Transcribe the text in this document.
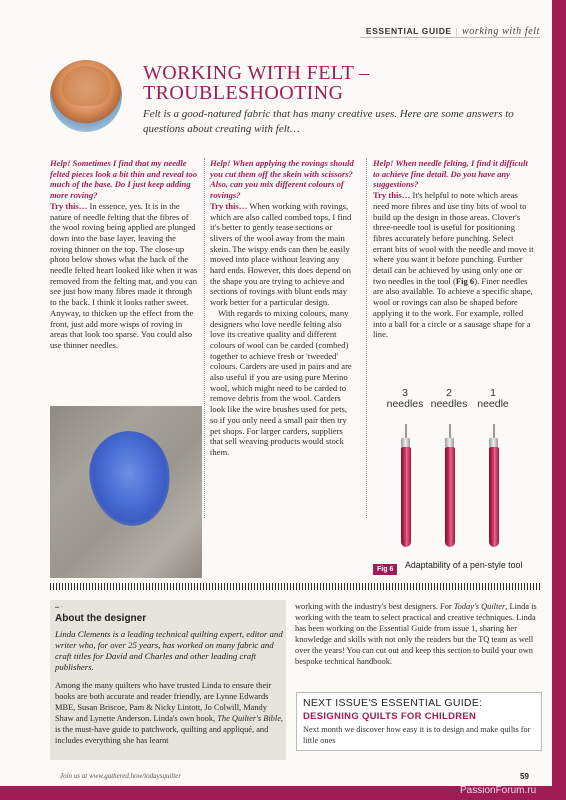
ESSENTIAL GUIDE | working with felt
WORKING WITH FELT –
TROUBLESHOOTING
Felt is a good-natured fabric that has many creative uses. Here are some answers to questions about creating with felt…

Help! Sometimes I find that my needle felted pieces look a bit thin and reveal too much of the base. Do I just keep adding more roving?

Try this… In essence, yes. It is in the nature of needle felting that the fibres of the wool roving being applied are plunged down into the base layer, leaving the roving thinner on the top. The close-up photo below shows what the back of the needle felted heart looked like when it was removed from the felting mat, and you can see just how many fibres made it through to the back. I think it looks rather sweet. Anyway, to thicken up the effect from the front, just add more wisps of roving in areas that look too sparse. You could also use thinner needles.

Help! When applying the rovings should you cut them off the skein with scissors? Also, can you mix different colours of rovings?

Try this… When working with rovings, which are also called combed tops, I find it's better to gently tease sections or slivers of the wool away from the main skein. The wispy ends can then be easily moved into place without leaving any hard ends. However, this does depend on the shape you are trying to achieve and sections of rovings with blunt ends may work better for a particular design.

With regards to mixing colours, many designers who love needle felting also love its creative quality and different colours of wool can be carded (combed) together to achieve fresh or 'tweeded' colours. Carders are used in pairs and are also useful if you are using pure Merino wool, which might need to be carded to remove debris from the wool. Carders look like the wire brushes used for pets, so if you only need a small pair then try pet shops. For larger carders, suppliers that sell weaving products would stock them.

Help! When needle felting, I find it difficult to achieve fine detail. Do you have any suggestions?

Try this… It's helpful to note which areas need more fibres and use tiny bits of wool to build up the design in those areas. Clover's three-needle tool is useful for positioning fibres accurately before punching. Select errant bits of wool with the needle and move it where you want it before punching. Further detail can be achieved by using only one or two needles in the tool (Fig 6). Finer needles are also available. To achieve a specific shape, wool or rovings can also be shaped before applying it to the work. For example, rolled into a ball for a circle or a sausage shape for a line.

3
needles
2
needles
1
needle
Fig 6	Adaptability of a pen-style tool
▬ ─
About the designer
Linda Clements is a leading technical quilting expert, editor and writer who, for over 25 years, has worked on many fabric and craft titles for David and Charles and other leading craft publishers.
Among the many quilters who have trusted Linda to ensure their books are both accurate and reader friendly, are Lynne Edwards MBE, Susan Briscoe, Pam & Nicky Lintott, Jo Colwill, Mandy Shaw and Lynette Anderson. Linda's own book, The Quilter's Bible, is the must-have guide to patchwork, quilting and appliqué, and includes everything she has learnt
working with the industry's best designers. For Today's Quilter, Linda is working with the team to select practical and creative techniques. Linda has been working on the Essential Guide from issue 1, sharing her knowledge and skills with not only the readers but the TQ team as well over the years! You can cut out and keep this section to build your own bespoke technical handbook.
NEXT ISSUE'S ESSENTIAL GUIDE:
DESIGNING QUILTS FOR CHILDREN
Next month we discover how easy it is to design and make quilts for little ones
Join us at www.gathered.how/todaysquilter	59
PassionForum.ru
